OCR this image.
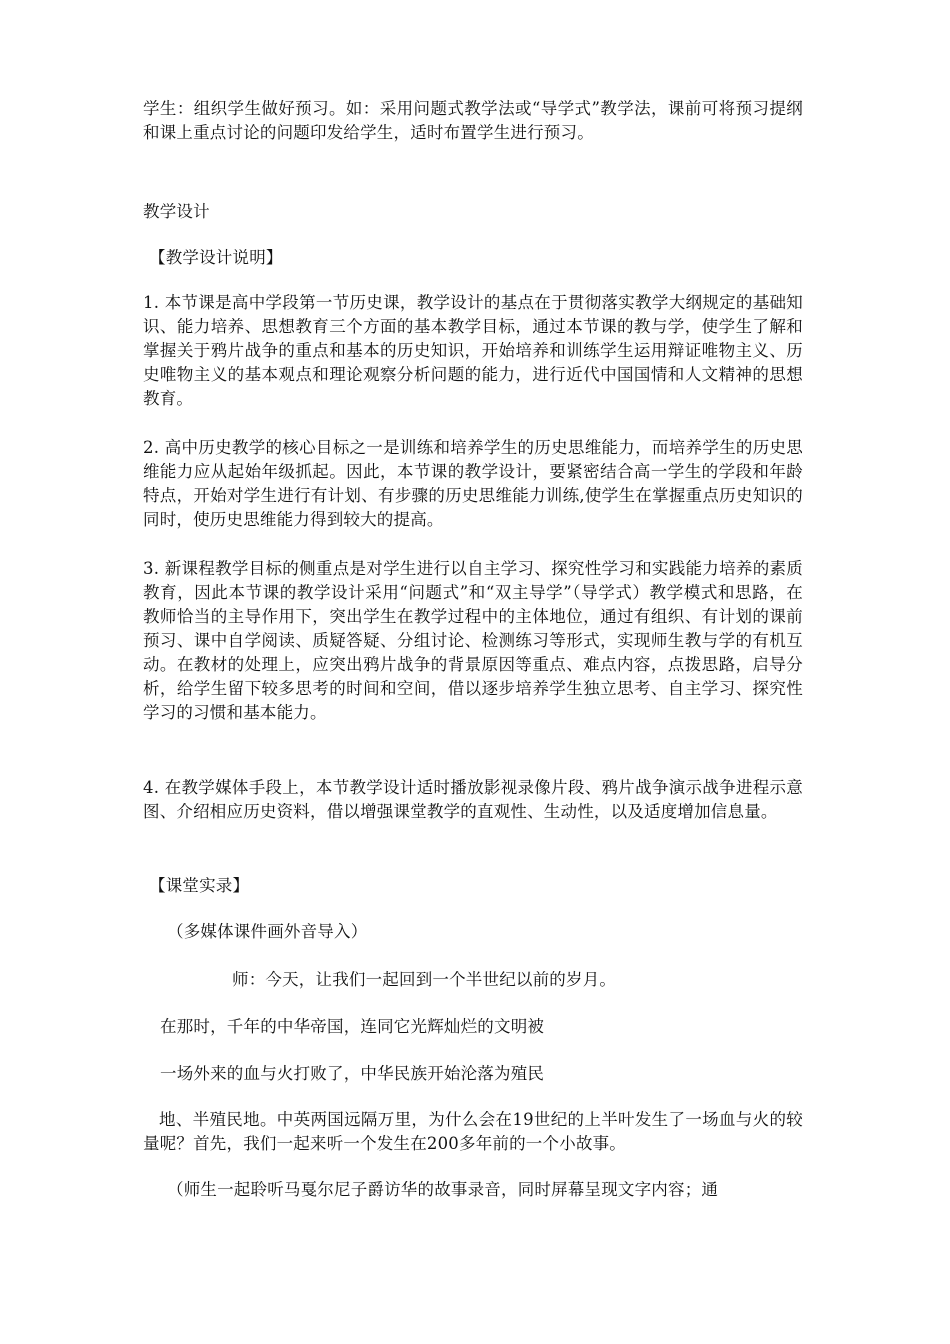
学生：组织学生做好预习。如：采用问题式教学法或“导学式”教学法，课前可将预习提纲和课上重点讨论的问题印发给学生，适时布置学生进行预习。

教学设计

【教学设计说明】

1. 本节课是高中学段第一节历史课，教学设计的基点在于贯彻落实教学大纲规定的基础知识、能力培养、思想教育三个方面的基本教学目标，通过本节课的教与学，使学生了解和掌握关于鸦片战争的重点和基本的历史知识，开始培养和训练学生运用辩证唯物主义、历史唯物主义的基本观点和理论观察分析问题的能力，进行近代中国国情和人文精神的思想教育。

2. 高中历史教学的核心目标之一是训练和培养学生的历史思维能力，而培养学生的历史思维能力应从起始年级抓起。因此，本节课的教学设计，要紧密结合高一学生的学段和年龄特点，开始对学生进行有计划、有步骤的历史思维能力训练,使学生在掌握重点历史知识的同时，使历史思维能力得到较大的提高。

3. 新课程教学目标的侧重点是对学生进行以自主学习、探究性学习和实践能力培养的素质教育，因此本节课的教学设计采用“问题式”和“双主导学”（导学式）教学模式和思路，在教师恰当的主导作用下，突出学生在教学过程中的主体地位，通过有组织、有计划的课前预习、课中自学阅读、质疑答疑、分组讨论、检测练习等形式，实现师生教与学的有机互动。在教材的处理上，应突出鸦片战争的背景原因等重点、难点内容，点拨思路，启导分析，给学生留下较多思考的时间和空间，借以逐步培养学生独立思考、自主学习、探究性学习的习惯和基本能力。

4. 在教学媒体手段上，本节教学设计适时播放影视录像片段、鸦片战争演示战争进程示意图、介绍相应历史资料，借以增强课堂教学的直观性、生动性，以及适度增加信息量。

【课堂实录】

（多媒体课件画外音导入）

师：今天，让我们一起回到一个半世纪以前的岁月。

在那时，千年的中华帝国，连同它光辉灿烂的文明被

一场外来的血与火打败了，中华民族开始沦落为殖民

地、半殖民地。中英两国远隔万里，为什么会在19世纪的上半叶发生了一场血与火的较量呢？首先，我们一起来听一个发生在200多年前的一个小故事。

（师生一起聆听马戛尔尼子爵访华的故事录音，同时屏幕呈现文字内容；通
